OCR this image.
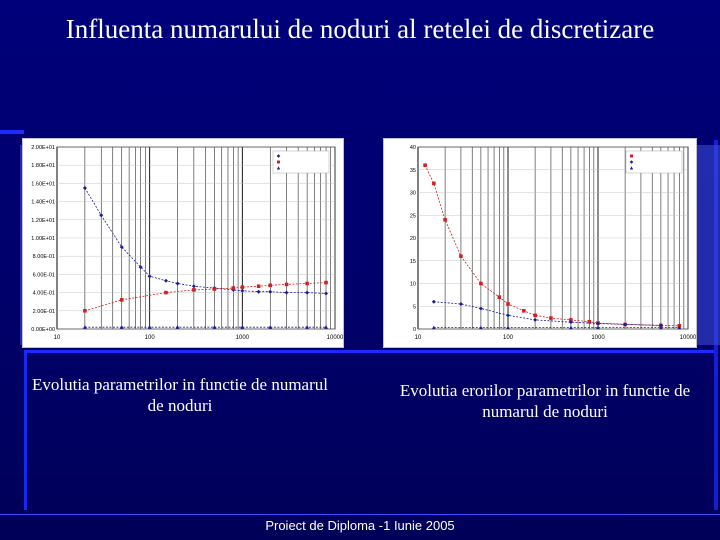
Influenta numarului de noduri al retelei de discretizare
0.00E+00
2.00E-01
4.00E-01
6.00E-01
8.00E-01
1.00E+01
1.20E+01
1.40E+01
1.60E+01
1.80E+01
2.00E+01
10	100	1000	10000
0
5
10
15
20
25
30
35
40
10	100	1000	10000
Evolutia parametrilor in functie de numarul de noduri
Evolutia erorilor parametrilor in functie de numarul de noduri
Proiect de Diploma -1 Iunie 2005
